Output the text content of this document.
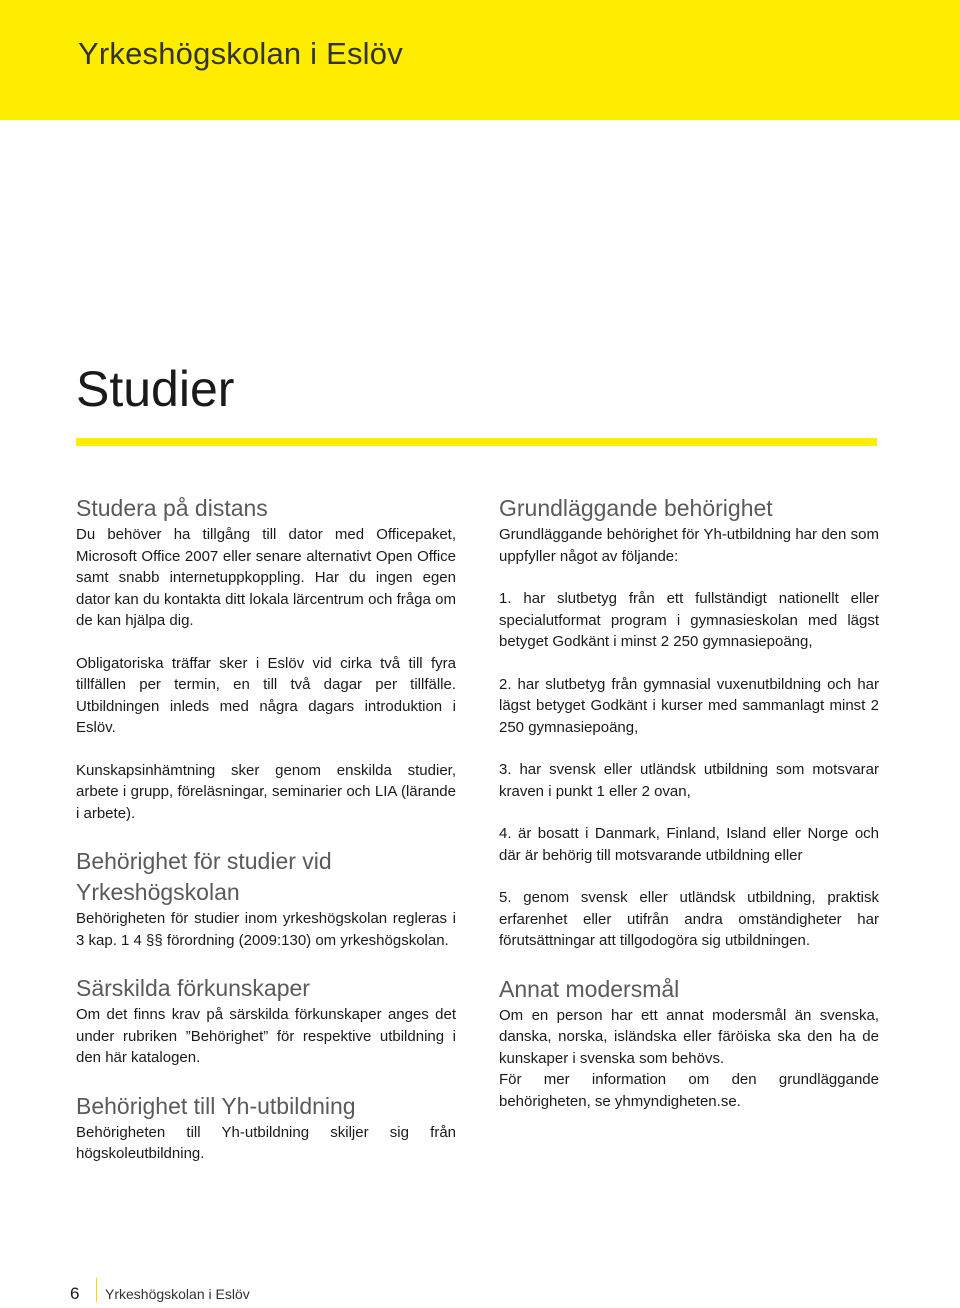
Yrkeshögskolan i Eslöv
Studier
Studera på distans

Du behöver ha tillgång till dator med Officepaket, Microsoft Office 2007 eller senare alternativt Open Office samt snabb internetuppkoppling. Har du ingen egen dator kan du kontakta ditt lokala lärcentrum och fråga om de kan hjälpa dig.

Obligatoriska träffar sker i Eslöv vid cirka två till fyra tillfällen per termin, en till två dagar per tillfälle. Utbildningen inleds med några dagars introduktion i Eslöv.

Kunskapsinhämtning sker genom enskilda studier, arbete i grupp, föreläsningar, seminarier och LIA (lärande i arbete).

Behörighet för studier vid Yrkeshögskolan

Behörigheten för studier inom yrkeshögskolan regleras i 3 kap. 1 4 §§ förordning (2009:130) om yrkeshögskolan.

Särskilda förkunskaper

Om det finns krav på särskilda förkunskaper anges det under rubriken ”Behörighet” för respektive utbildning i den här katalogen.

Behörighet till Yh-utbildning

Behörigheten till Yh-utbildning skiljer sig från högskoleutbildning.

Grundläggande behörighet

Grundläggande behörighet för Yh-utbildning har den som uppfyller något av följande:

1. har slutbetyg från ett fullständigt nationellt eller specialutformat program i gymnasieskolan med lägst betyget Godkänt i minst 2 250 gymnasiepoäng,

2. har slutbetyg från gymnasial vuxenutbildning och har lägst betyget Godkänt i kurser med sammanlagt minst 2 250 gymnasiepoäng,

3. har svensk eller utländsk utbildning som motsvarar kraven i punkt 1 eller 2 ovan,

4. är bosatt i Danmark, Finland, Island eller Norge och där är behörig till motsvarande utbildning eller

5. genom svensk eller utländsk utbildning, praktisk erfarenhet eller utifrån andra omständigheter har förutsättningar att tillgodogöra sig utbildningen.

Annat modersmål

Om en person har ett annat modersmål än svenska, danska, norska, isländska eller färöiska ska den ha de kunskaper i svenska som behövs.

För mer information om den grundläggande behörigheten, se yhmyndigheten.se.

6	Yrkeshögskolan i Eslöv
